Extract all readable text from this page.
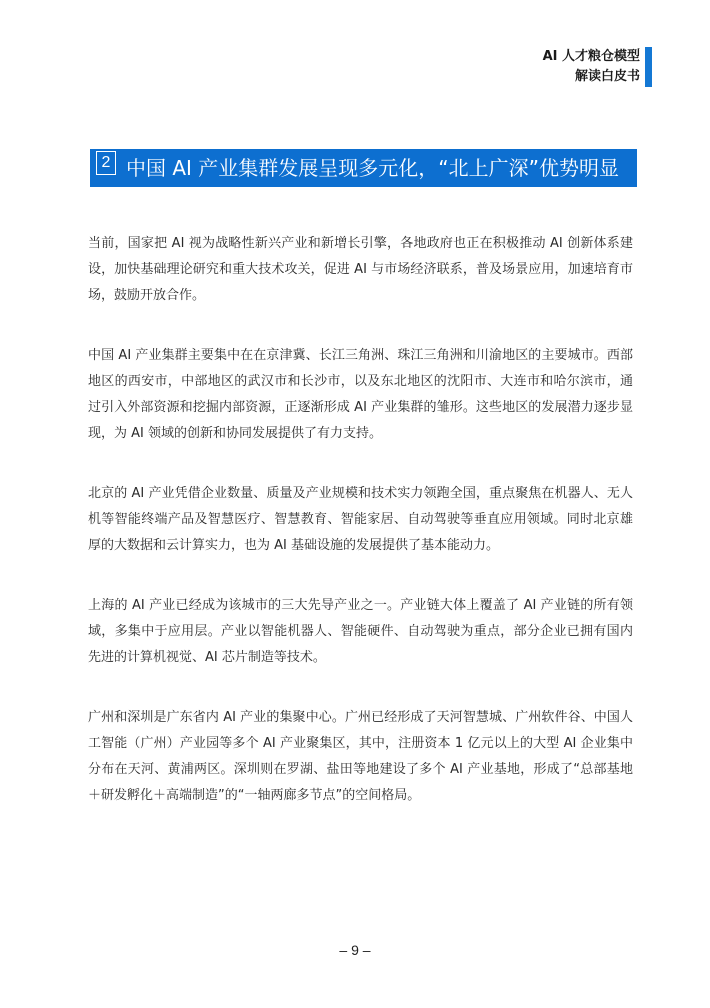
AI 人才粮仓模型
解读白皮书
2 中国 AI 产业集群发展呈现多元化，“北上广深”优势明显

当前，国家把 AI 视为战略性新兴产业和新增长引擎，各地政府也正在积极推动 AI 创新体系建设，加快基础理论研究和重大技术攻关，促进 AI 与市场经济联系，普及场景应用，加速培育市场，鼓励开放合作。

中国 AI 产业集群主要集中在在京津冀、长江三角洲、珠江三角洲和川渝地区的主要城市。西部地区的西安市，中部地区的武汉市和长沙市，以及东北地区的沈阳市、大连市和哈尔滨市，通过引入外部资源和挖掘内部资源，正逐渐形成 AI 产业集群的雏形。这些地区的发展潜力逐步显现，为 AI 领域的创新和协同发展提供了有力支持。

北京的 AI 产业凭借企业数量、质量及产业规模和技术实力领跑全国，重点聚焦在机器人、无人机等智能终端产品及智慧医疗、智慧教育、智能家居、自动驾驶等垂直应用领域。同时北京雄厚的大数据和云计算实力，也为 AI 基础设施的发展提供了基本能动力。

上海的 AI 产业已经成为该城市的三大先导产业之一。产业链大体上覆盖了 AI 产业链的所有领域，多集中于应用层。产业以智能机器人、智能硬件、自动驾驶为重点，部分企业已拥有国内先进的计算机视觉、AI 芯片制造等技术。

广州和深圳是广东省内 AI 产业的集聚中心。广州已经形成了天河智慧城、广州软件谷、中国人工智能（广州）产业园等多个 AI 产业聚集区，其中，注册资本 1 亿元以上的大型 AI 企业集中分布在天河、黄浦两区。深圳则在罗湖、盐田等地建设了多个 AI 产业基地，形成了“总部基地＋研发孵化＋高端制造”的“一轴两廊多节点”的空间格局。

– 9 –
